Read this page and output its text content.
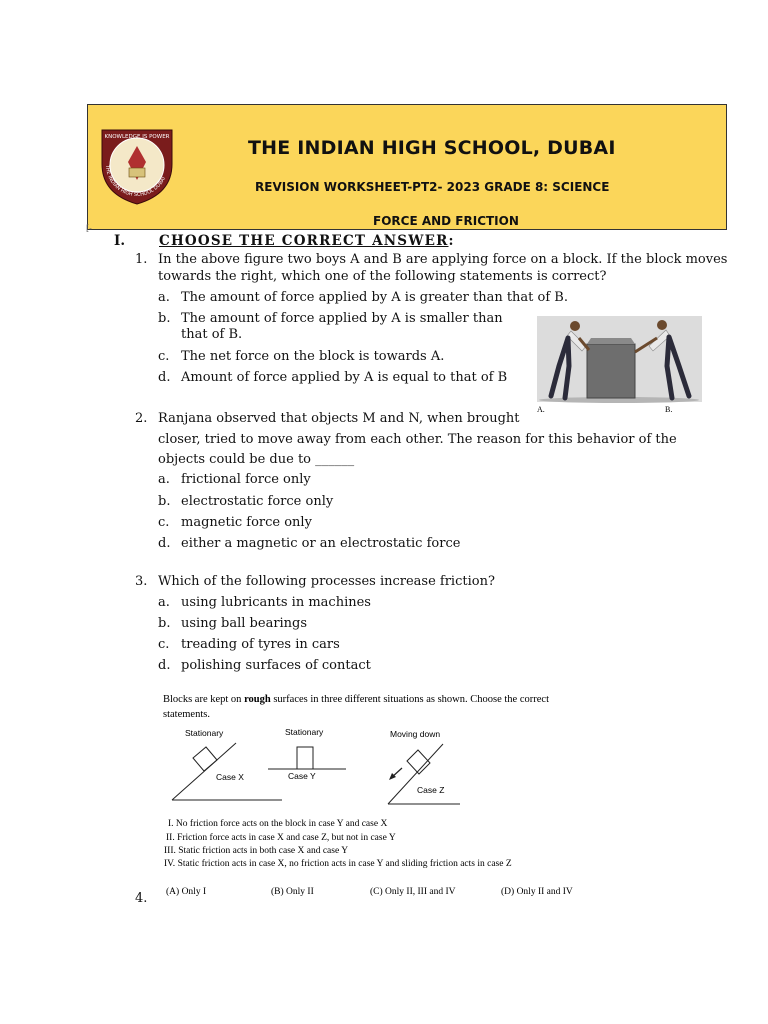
KNOWLEDGE IS POWER
THE INDIAN HIGH SCHOOL DUBAI
THE INDIAN HIGH SCHOOL, DUBAI
REVISION WORKSHEET-PT2- 2023 GRADE 8: SCIENCE
FORCE AND FRICTION
[-
I.	CHOOSE THE CORRECT ANSWER:
1. In the above figure two boys A and B are applying force on a block. If the block moves
towards the right, which one of the following statements is correct?
a. The amount of force applied by A is greater than that of B.
b. The amount of force applied by A is smaller than
that of B.
c. The net force on the block is towards A.
d. Amount of force applied by A is equal to that of B
A.	B.
2. Ranjana observed that objects M and N, when brought
closer, tried to move away from each other. The reason for this behavior of the
objects could be due to ______
a. frictional force only
b. electrostatic force only
c. magnetic force only
d. either a magnetic or an electrostatic force
3. Which of the following processes increase friction?
a. using lubricants in machines
b. using ball bearings
c. treading of tyres in cars
d. polishing surfaces of contact
Blocks are kept on rough surfaces in three different situations as shown. Choose the correct
statements.
Stationary
Case X
Stationary
Case Y
Moving down
Case Z
I. No friction force acts on the block in case Y and case X
II. Friction force acts in case X and case Z, but not in case Y
III. Static friction acts in both case X and case Y
IV. Static friction acts in case X, no friction acts in case Y and sliding friction acts in case Z
(A) Only I	(B) Only II	(C) Only II, III and IV	(D) Only II and IV
4.
